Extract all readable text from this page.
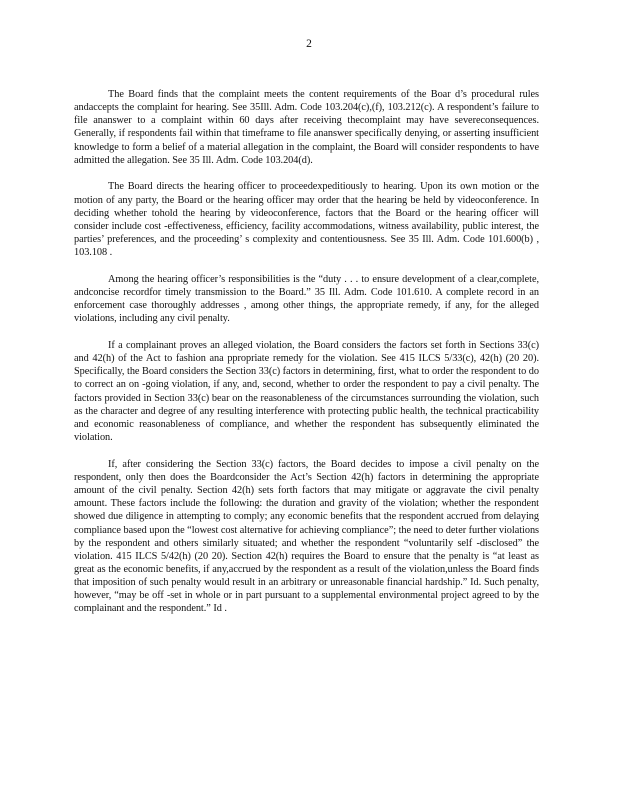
2

The Board finds that the complaint meets the content requirements of the Boar d’s procedural rules andaccepts the complaint for hearing. See 35Ill. Adm. Code 103.204(c),(f), 103.212(c). A respondent’s failure to file ananswer to a complaint within 60 days after receiving thecomplaint may have severeconsequences. Generally, if respondents fail within that timeframe to file ananswer specifically denying, or asserting insufficient knowledge to form a belief of a material allegation in the complaint, the Board will consider respondents to have admitted the allegation. See 35 Ill. Adm. Code 103.204(d).

The Board directs the hearing officer to proceedexpeditiously to hearing. Upon its own motion or the motion of any party, the Board or the hearing officer may order that the hearing be held by videoconference. In deciding whether tohold the hearing by videoconference, factors that the Board or the hearing officer will consider include cost -effectiveness, efficiency, facility accommodations, witness availability, public interest, the parties’ preferences, and the proceeding’ s complexity and contentiousness. See 35 Ill. Adm. Code 101.600(b) , 103.108 .

Among the hearing officer’s responsibilities is the “duty . . . to ensure development of a clear,complete, andconcise recordfor timely transmission to the Board.” 35 Ill. Adm. Code 101.610. A complete record in an enforcement case thoroughly addresses , among other things, the appropriate remedy, if any, for the alleged violations, including any civil penalty.

If a complainant proves an alleged violation, the Board considers the factors set forth in Sections 33(c) and 42(h) of the Act to fashion ana ppropriate remedy for the violation. See 415 ILCS 5/33(c), 42(h) (20 20). Specifically, the Board considers the Section 33(c) factors in determining, first, what to order the respondent to do to correct an on -going violation, if any, and, second, whether to order the respondent to pay a civil penalty. The factors provided in Section 33(c) bear on the reasonableness of the circumstances surrounding the violation, such as the character and degree of any resulting interference with protecting public health, the technical practicability and economic reasonableness of compliance, and whether the respondent has subsequently eliminated the violation.

If, after considering the Section 33(c) factors, the Board decides to impose a civil penalty on the respondent, only then does the Boardconsider the Act’s Section 42(h) factors in determining the appropriate amount of the civil penalty. Section 42(h) sets forth factors that may mitigate or aggravate the civil penalty amount. These factors include the following: the duration and gravity of the violation; whether the respondent showed due diligence in attempting to comply; any economic benefits that the respondent accrued from delaying compliance based upon the “lowest cost alternative for achieving compliance”; the need to deter further violations by the respondent and others similarly situated; and whether the respondent “voluntarily self -disclosed” the violation. 415 ILCS 5/42(h) (20 20). Section 42(h) requires the Board to ensure that the penalty is “at least as great as the economic benefits, if any,accrued by the respondent as a result of the violation,unless the Board finds that imposition of such penalty would result in an arbitrary or unreasonable financial hardship.” Id. Such penalty, however, “may be off -set in whole or in part pursuant to a supplemental environmental project agreed to by the complainant and the respondent.” Id .
